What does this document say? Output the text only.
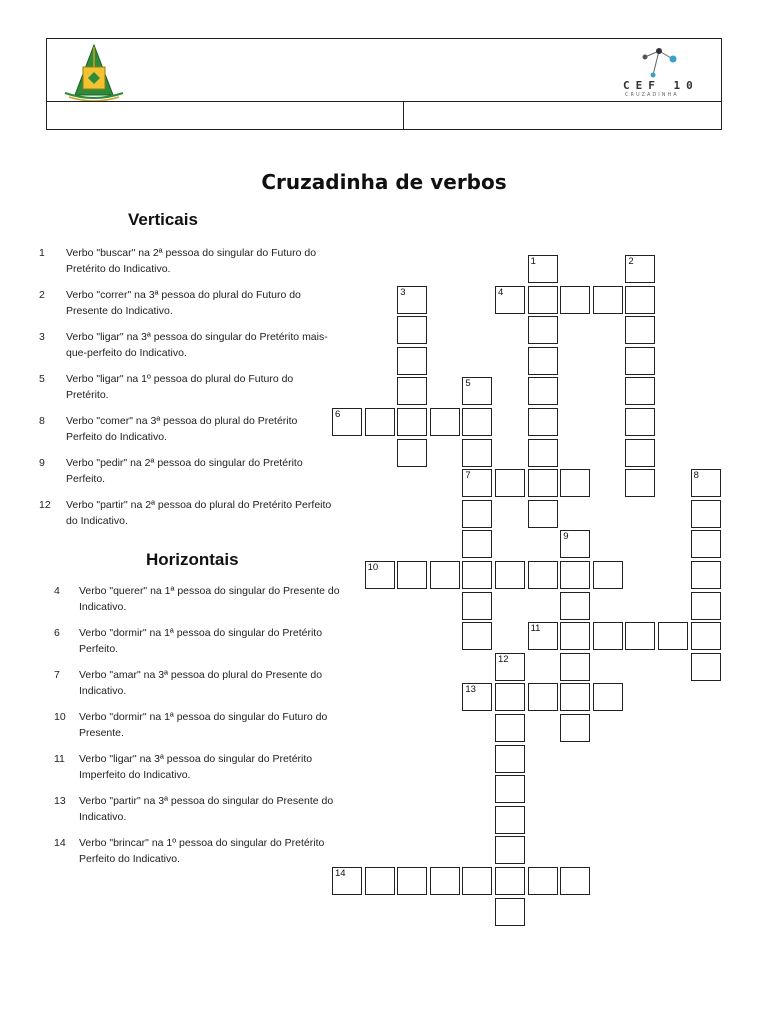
CEF 10
CRUZADINHA
Cruzadinha de verbos
Verticais
1	Verbo "buscar" na 2ª pessoa do singular do Futuro do Pretérito do Indicativo.
2	Verbo "correr" na 3ª pessoa do plural do Futuro do Presente do Indicativo.
3	Verbo "ligar" na 3ª pessoa do singular do Pretérito mais-que-perfeito do Indicativo.
5	Verbo "ligar" na 1º pessoa do plural do Futuro do Pretérito.
8	Verbo "comer" na 3ª pessoa do plural do Pretérito Perfeito do Indicativo.
9	Verbo "pedir" na 2ª pessoa do singular do Pretérito Perfeito.
12	Verbo "partir" na 2ª pessoa do plural do Pretérito Perfeito do Indicativo.
Horizontais
4	Verbo "querer" na 1ª pessoa do singular do Presente do Indicativo.
6	Verbo "dormir" na 1ª pessoa do singular do Pretérito Perfeito.
7	Verbo "amar" na 3ª pessoa do plural do Presente do Indicativo.
10	Verbo "dormir" na 1ª pessoa do singular do Futuro do Presente.
11	Verbo "ligar" na 3ª pessoa do singular do Pretérito Imperfeito do Indicativo.
13	Verbo "partir" na 3ª pessoa do singular do Presente do Indicativo.
14	Verbo "brincar" na 1º pessoa do singular do Pretérito Perfeito do Indicativo.
1	2
3	4
5
6
7	8
9
10
11
12
13
14
